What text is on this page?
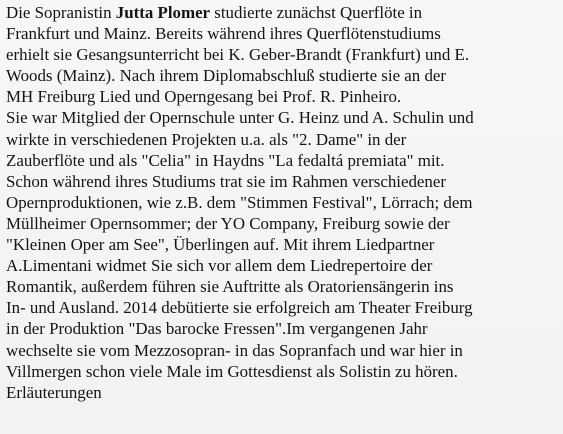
Die Sopranistin Jutta Plomer studierte zunächst Querflöte in
Frankfurt und Mainz. Bereits während ihres Querflötenstudiums
erhielt sie Gesangsunterricht bei K. Geber-Brandt (Frankfurt) und E.
Woods (Mainz). Nach ihrem Diplomabschluß studierte sie an der
MH Freiburg Lied und Operngesang bei Prof. R. Pinheiro.
Sie war Mitglied der Opernschule unter G. Heinz und A. Schulin und
wirkte in verschiedenen Projekten u.a. als "2. Dame" in der
Zauberflöte und als "Celia" in Haydns "La fedaltá premiata" mit.
Schon während ihres Studiums trat sie im Rahmen verschiedener
Opernproduktionen, wie z.B. dem "Stimmen Festival", Lörrach; dem
Müllheimer Opernsommer; der YO Company, Freiburg sowie der
"Kleinen Oper am See", Überlingen auf. Mit ihrem Liedpartner
A.Limentani widmet Sie sich vor allem dem Liedrepertoire der
Romantik, außerdem führen sie Auftritte als Oratoriensängerin ins
In- und Ausland. 2014 debütierte sie erfolgreich am Theater Freiburg
in der Produktion "Das barocke Fressen".Im vergangenen Jahr
wechselte sie vom Mezzosopran- in das Sopranfach und war hier in
Villmergen schon viele Male im Gottesdienst als Solistin zu hören.
Erläuterungen
